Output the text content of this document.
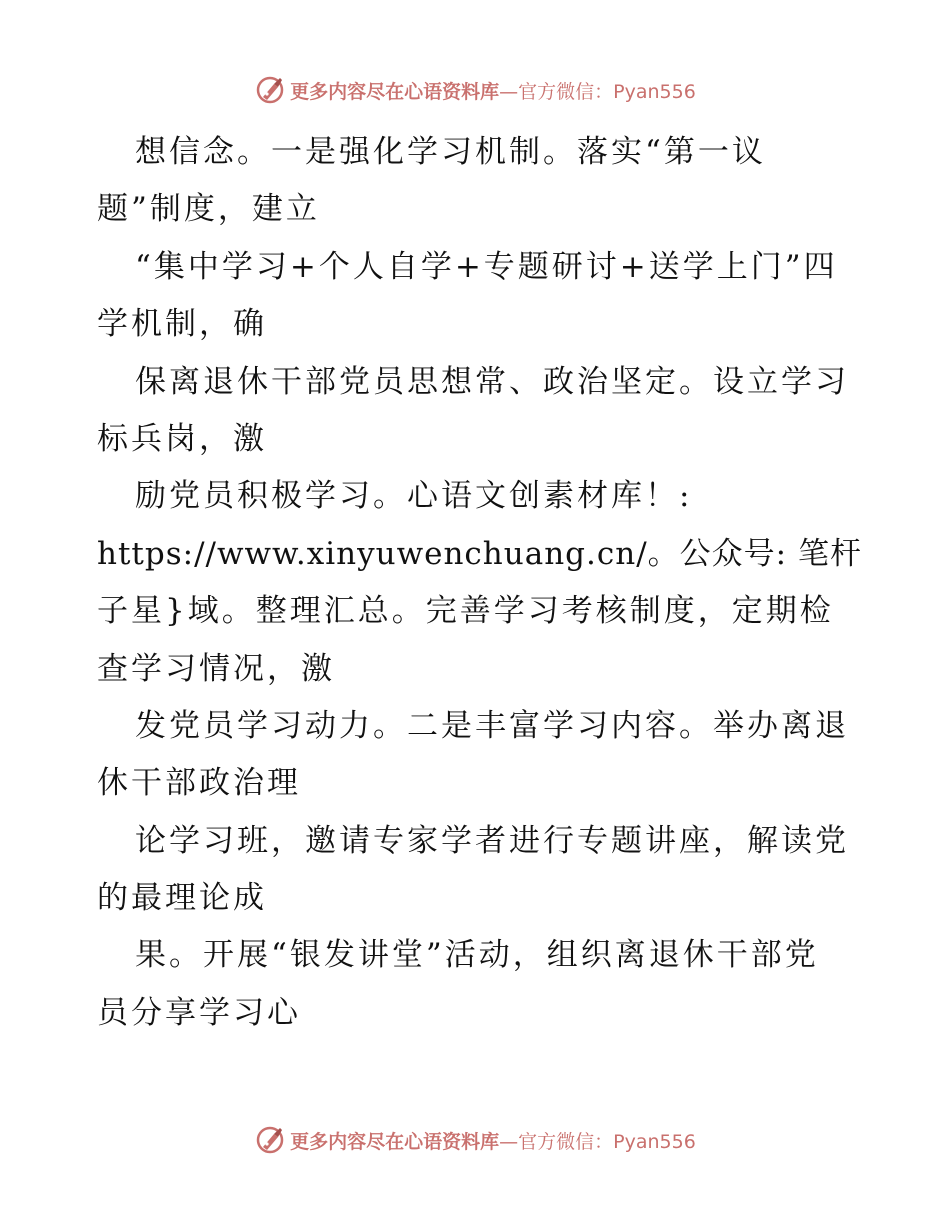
更多内容尽在心语资料库 —官方微信：Pyan556
想信念。一是强化学习机制。落实“第一议
题”制度，建立
“集中学习+个人自学+专题研讨+送学上门”四
学机制，确
保离退休干部党员思想常、政治坚定。设立学习
标兵岗，激
励党员积极学习。心语文创素材库！:
https://www.xinyuwenchuang.cn/。公众号: 笔杆
子星}域。整理汇总。完善学习考核制度，定期检
查学习情况，激
发党员学习动力。二是丰富学习内容。举办离退
休干部政治理
论学习班，邀请专家学者进行专题讲座，解读党
的最理论成
果。开展“银发讲堂”活动，组织离退休干部党
员分享学习心
更多内容尽在心语资料库 —官方微信：Pyan556
